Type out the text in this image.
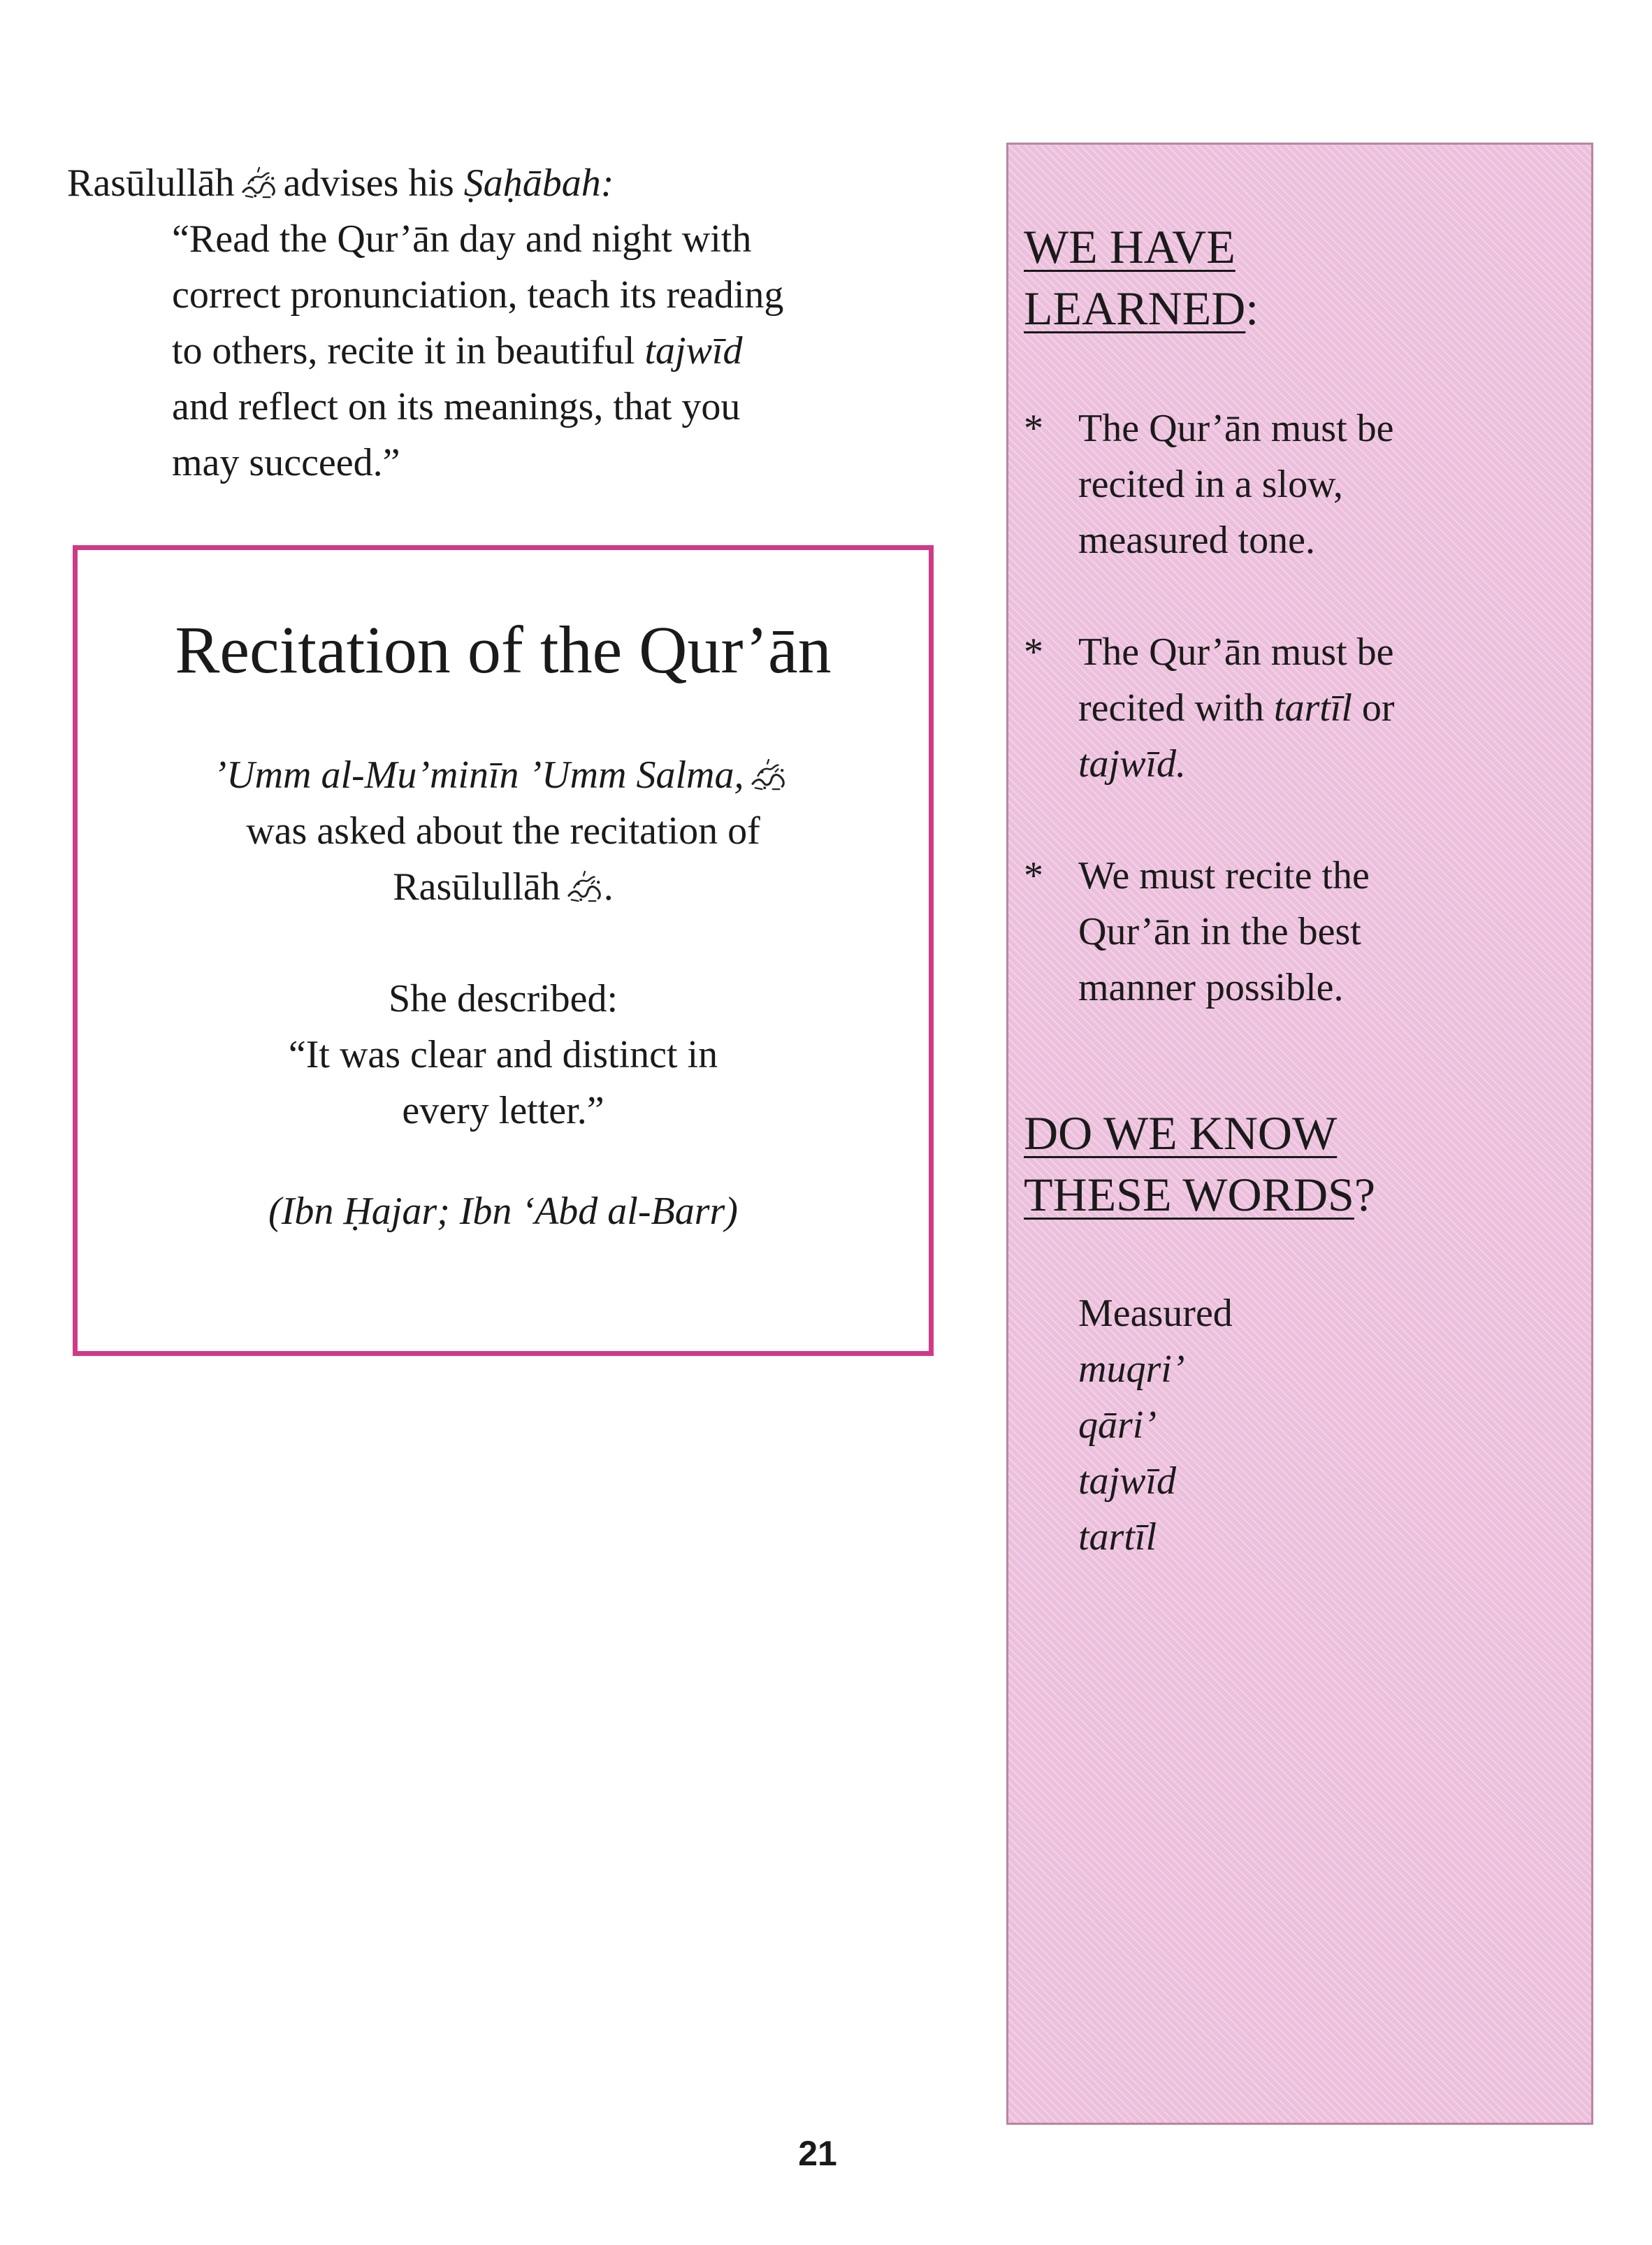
Rasūlullāh advises his Ṣaḥābah:
“Read the Qur’ān day and night with
correct pronunciation, teach its reading
to others, recite it in beautiful tajwīd
and reflect on its meanings, that you
may succeed.”
Recitation of the Qur’ān
’Umm al-Mu’minīn ’Umm Salma,
was asked about the recitation of
Rasūlullāh .
She described:
“It was clear and distinct in
every letter.”
(Ibn Ḥajar; Ibn ‘Abd al-Barr)
WE HAVE
LEARNED:
* The Qur’ān must be
recited in a slow,
measured tone.
* The Qur’ān must be
recited with tartīl or
tajwīd.
* We must recite the
Qur’ān in the best
manner possible.
DO WE KNOW
THESE WORDS?
Measured
muqri’
qāri’
tajwīd
tartīl
21
